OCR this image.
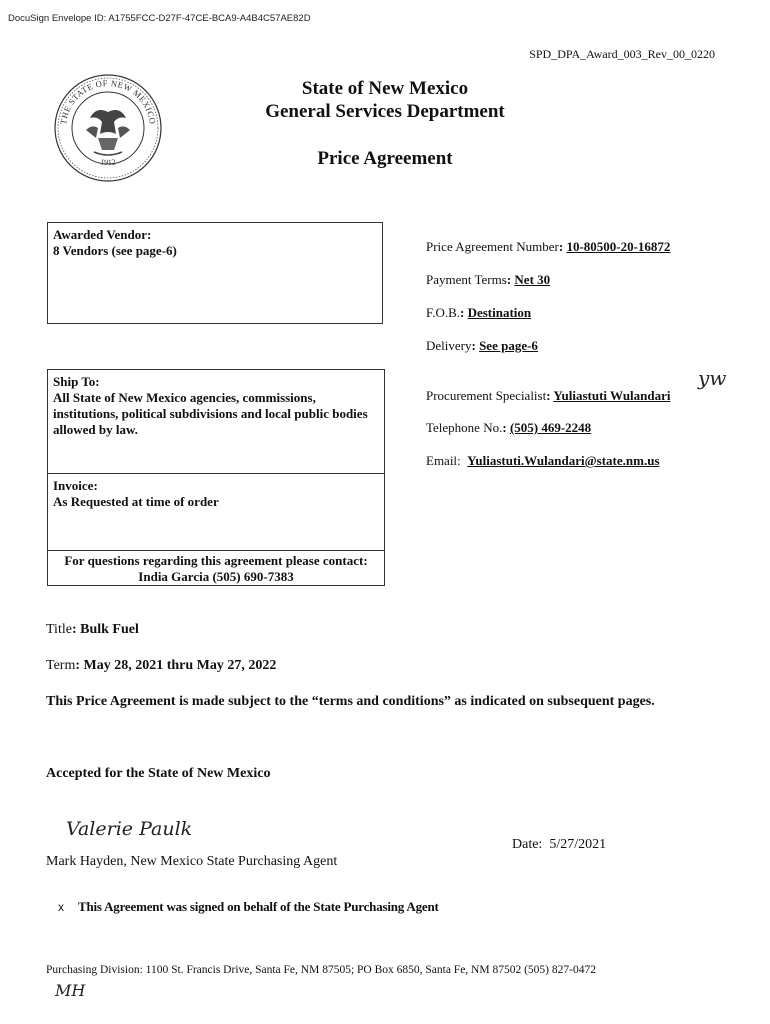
DocuSign Envelope ID: A1755FCC-D27F-47CE-BCA9-A4B4C57AE82D
SPD_DPA_Award_003_Rev_00_0220
THE STATE OF NEW MEXICO
1912
State of New Mexico
General Services Department
Price Agreement
Awarded Vendor:
8 Vendors (see page-6)
Ship To:
All State of New Mexico agencies, commissions, institutions, political subdivisions and local public bodies allowed by law.
Invoice:
As Requested at time of order
For questions regarding this agreement please contact:
India Garcia (505) 690-7383
Price Agreement Number: 10-80500-20-16872
Payment Terms: Net 30
F.O.B.: Destination
Delivery: See page-6
Procurement Specialist: Yuliastuti Wulandari
yw
Telephone No.: (505) 469-2248
Email: Yuliastuti.Wulandari@state.nm.us
Title: Bulk Fuel
Term: May 28, 2021 thru May 27, 2022
This Price Agreement is made subject to the “terms and conditions” as indicated on subsequent pages.
Accepted for the State of New Mexico
Valerie Paulk
Mark Hayden, New Mexico State Purchasing Agent
Date: 5/27/2021
x This Agreement was signed on behalf of the State Purchasing Agent
Purchasing Division: 1100 St. Francis Drive, Santa Fe, NM 87505; PO Box 6850, Santa Fe, NM 87502 (505) 827-0472
MH
